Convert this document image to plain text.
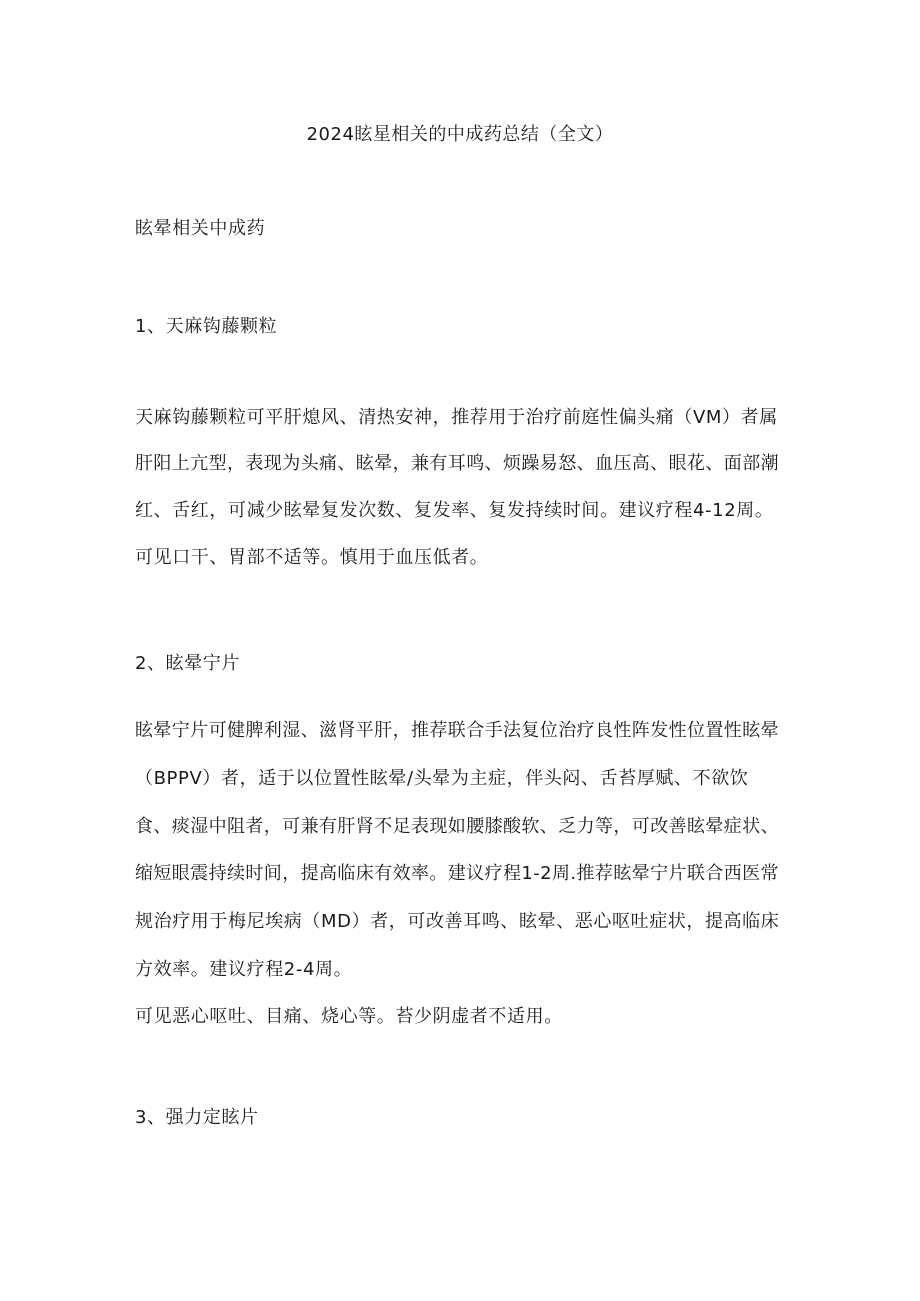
2024眩星相关的中成药总结（全文）
眩晕相关中成药
1、天麻钩藤颗粒
天麻钩藤颗粒可平肝熄风、清热安神，推荐用于治疗前庭性偏头痛（VM）者属
肝阳上亢型，表现为头痛、眩晕，兼有耳鸣、烦躁易怒、血压高、眼花、面部潮
红、舌红，可减少眩晕复发次数、复发率、复发持续时间。建议疗程4-12周。
可见口干、胃部不适等。慎用于血压低者。
2、眩晕宁片
眩晕宁片可健脾利湿、滋肾平肝，推荐联合手法复位治疗良性阵发性位置性眩晕
（BPPV）者，适于以位置性眩晕/头晕为主症，伴头闷、舌苔厚赋、不欲饮
食、痰湿中阻者，可兼有肝肾不足表现如腰膝酸软、乏力等，可改善眩晕症状、
缩短眼震持续时间，提高临床有效率。建议疗程1-2周.推荐眩晕宁片联合西医常
规治疗用于梅尼埃病（MD）者，可改善耳鸣、眩晕、恶心呕吐症状，提高临床
方效率。建议疗程2-4周。
可见恶心呕吐、目痛、烧心等。苔少阴虚者不适用。
3、强力定眩片
